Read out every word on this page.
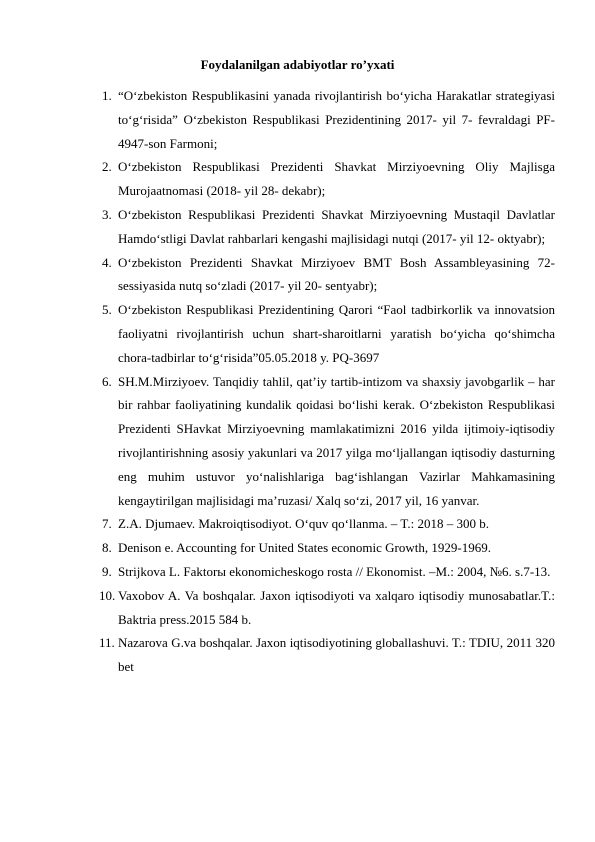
Foydalanilgan adabiyotlar ro’yxati
1. “O‘zbekiston Respublikasini yanada rivojlantirish bo‘yicha Harakatlar strategiyasi to‘g‘risida” O‘zbekiston Respublikasi Prezidentining 2017- yil 7- fevraldagi PF-4947-son Farmoni;
2. O‘zbekiston Respublikasi Prezidenti Shavkat Mirziyoevning Oliy Majlisga Murojaatnomasi (2018- yil 28- dekabr);
3. O‘zbekiston Respublikasi Prezidenti Shavkat Mirziyoevning Mustaqil Davlatlar Hamdo‘stligi Davlat rahbarlari kengashi majlisidagi nutqi (2017- yil 12- oktyabr);
4. O‘zbekiston Prezidenti Shavkat Mirziyoev BMT Bosh Assambleyasining 72-sessiyasida nutq so‘zladi (2017- yil 20- sentyabr);
5. O‘zbekiston Respublikasi Prezidentining Qarori “Faol tadbirkorlik va innovatsion faoliyatni rivojlantirish uchun shart-sharoitlarni yaratish bo‘yicha qo‘shimcha chora-tadbirlar to‘g‘risida”05.05.2018 y. PQ-3697
6. SH.M.Mirziyoev. Tanqidiy tahlil, qat’iy tartib-intizom va shaxsiy javobgarlik – har bir rahbar faoliyatining kundalik qoidasi bo‘lishi kerak. O‘zbekiston Respublikasi Prezidenti SHavkat Mirziyoevning mamlakatimizni 2016 yilda ijtimoiy-iqtisodiy rivojlantirishning asosiy yakunlari va 2017 yilga mo‘ljallangan iqtisodiy dasturning eng muhim ustuvor yo‘nalishlariga bag‘ishlangan Vazirlar Mahkamasining kengaytirilgan majlisidagi ma’ruzasi/ Xalq so‘zi, 2017 yil, 16 yanvar.
7. Z.A. Djumaev. Makroiqtisodiyot. O‘quv qo‘llanma. – T.: 2018 – 300 b.
8. Denison e. Accounting for United States economic Growth, 1929-1969.
9. Strijkova L. Faktorы ekonomicheskogo rosta // Ekonomist. –M.: 2004, №6. s.7-13.
10. Vaxobov A. Va boshqalar. Jaxon iqtisodiyoti va xalqaro iqtisodiy munosabatlar.T.: Baktria press.2015 584 b.
11. Nazarova G.va boshqalar. Jaxon iqtisodiyotining globallashuvi. T.: TDIU, 2011 320 bet
